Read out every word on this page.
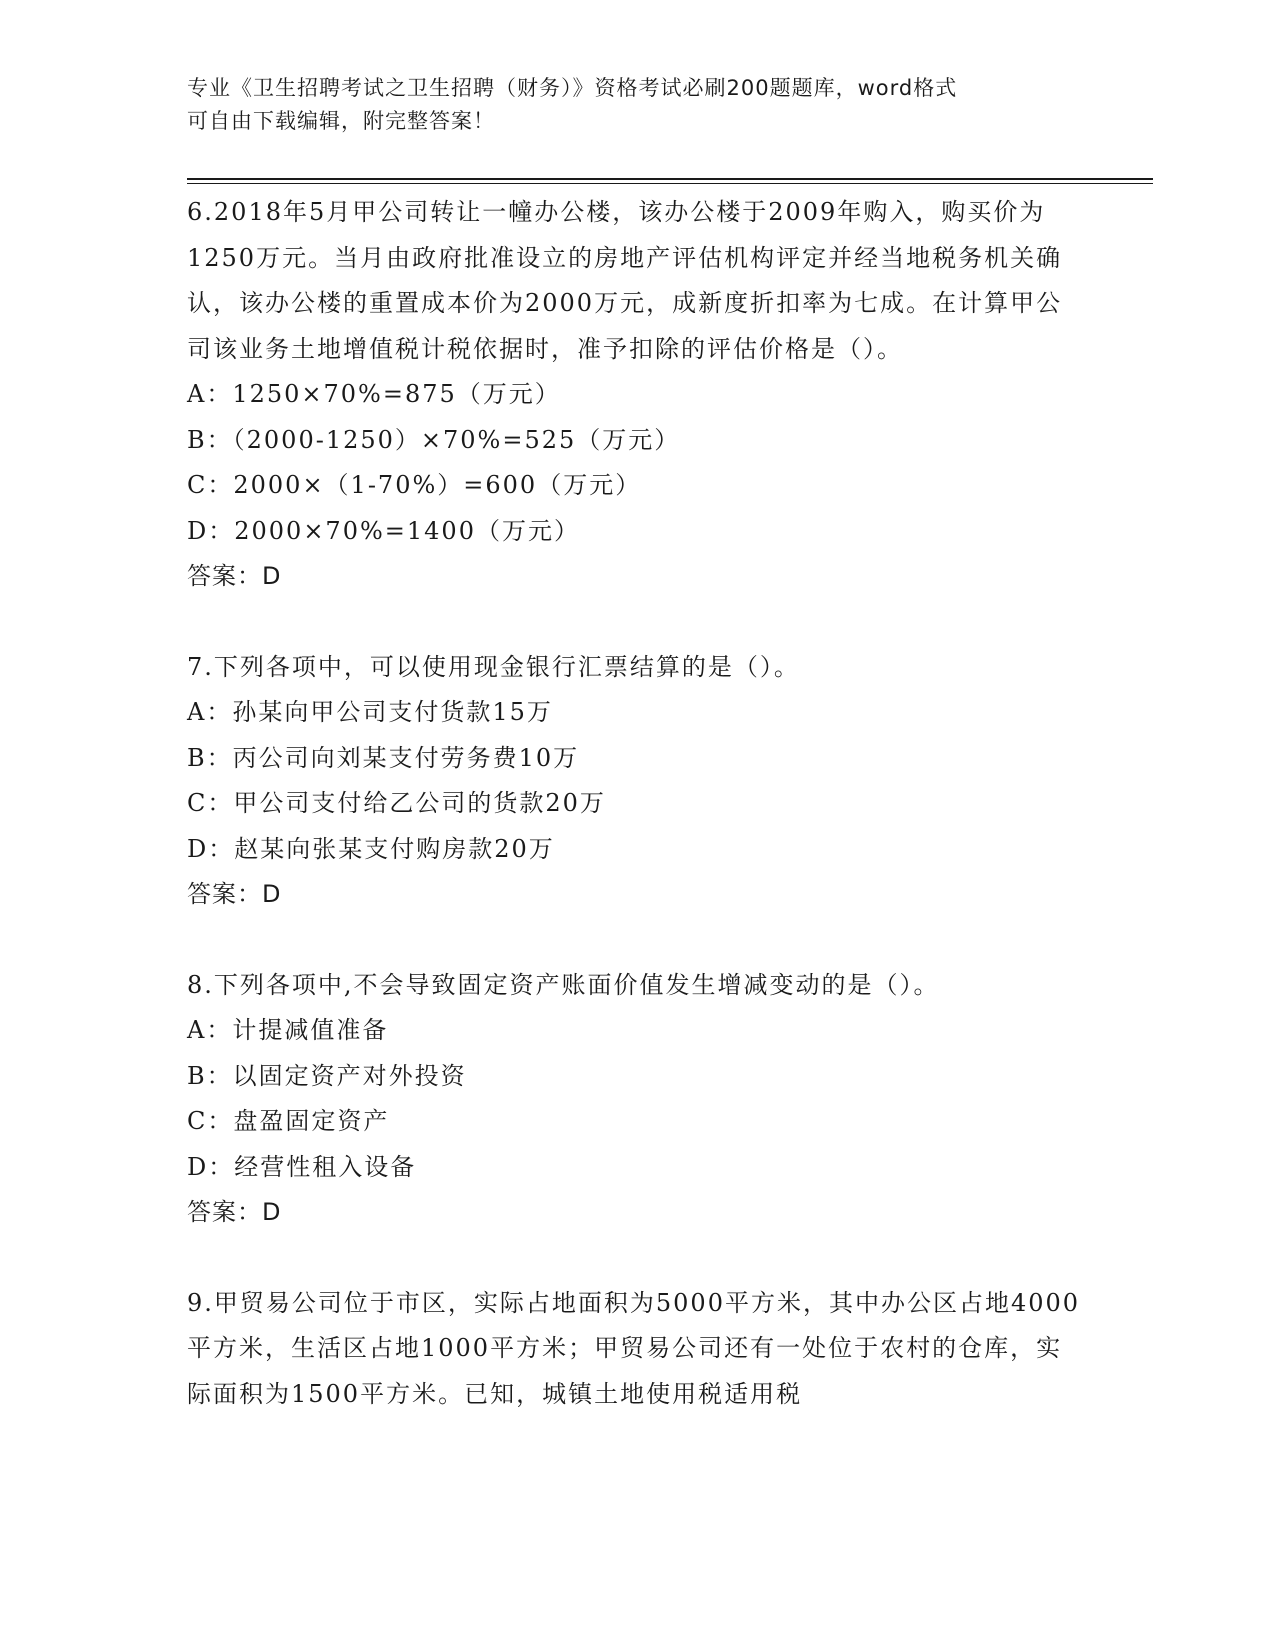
专业《卫生招聘考试之卫生招聘（财务）》资格考试必刷200题题库，word格式
可自由下载编辑，附完整答案！

6.2018年5月甲公司转让一幢办公楼，该办公楼于2009年购入，购买价为1250万元。当月由政府批准设立的房地产评估机构评定并经当地税务机关确认，该办公楼的重置成本价为2000万元，成新度折扣率为七成。在计算甲公司该业务土地增值税计税依据时，准予扣除的评估价格是（）。

A：1250×70%=875（万元）

B：（2000-1250）×70%=525（万元）

C：2000×（1-70%）=600（万元）

D：2000×70%=1400（万元）

答案：D

7.下列各项中，可以使用现金银行汇票结算的是（）。

A：孙某向甲公司支付货款15万

B：丙公司向刘某支付劳务费10万

C：甲公司支付给乙公司的货款20万

D：赵某向张某支付购房款20万

答案：D

8.下列各项中,不会导致固定资产账面价值发生增减变动的是（）。

A：计提减值准备

B：以固定资产对外投资

C：盘盈固定资产

D：经营性租入设备

答案：D

9.甲贸易公司位于市区，实际占地面积为5000平方米，其中办公区占地4000平方米，生活区占地1000平方米；甲贸易公司还有一处位于农村的仓库，实际面积为1500平方米。已知，城镇土地使用税适用税
